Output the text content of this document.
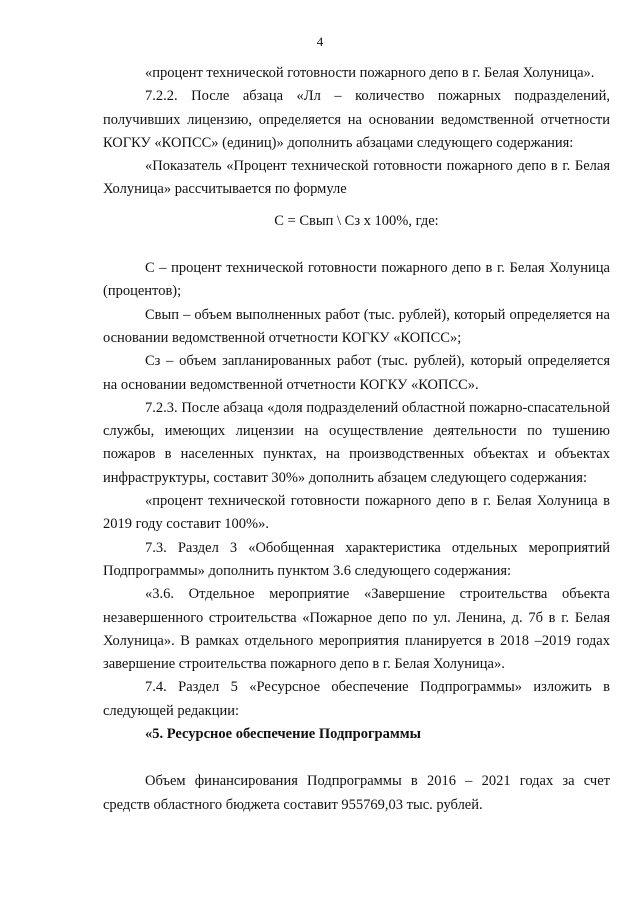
4

«процент технической готовности пожарного депо в г. Белая Холуница».

7.2.2. После абзаца «Лл – количество пожарных подразделений, получивших лицензию, определяется на основании ведомственной отчетности КОГКУ «КОПСС» (единиц)» дополнить абзацами следующего содержания:

«Показатель «Процент технической готовности пожарного депо в г. Белая Холуница» рассчитывается по формуле

С = Свып \ Сз х 100%, где:

С – процент технической готовности пожарного депо в г. Белая Холуница (процентов);

Свып – объем выполненных работ (тыс. рублей), который определяется на основании ведомственной отчетности КОГКУ «КОПСС»;

Сз – объем запланированных работ (тыс. рублей), который определяется на основании ведомственной отчетности КОГКУ «КОПСС».

7.2.3. После абзаца «доля подразделений областной пожарно-спасательной службы, имеющих лицензии на осуществление деятельности по тушению пожаров в населенных пунктах, на производственных объектах и объектах инфраструктуры, составит 30%» дополнить абзацем следующего содержания:

«процент технической готовности пожарного депо в г. Белая Холуница в 2019 году составит 100%».

7.3. Раздел 3 «Обобщенная характеристика отдельных мероприятий Подпрограммы» дополнить пунктом 3.6 следующего содержания:

«3.6. Отдельное мероприятие «Завершение строительства объекта незавершенного строительства «Пожарное депо по ул. Ленина, д. 7б в г. Белая Холуница». В рамках отдельного мероприятия планируется в 2018 –2019 годах завершение строительства пожарного депо в г. Белая Холуница».

7.4. Раздел 5 «Ресурсное обеспечение Подпрограммы» изложить в следующей редакции:

«5. Ресурсное обеспечение Подпрограммы

Объем финансирования Подпрограммы в 2016 – 2021 годах за счет средств областного бюджета составит 955769,03 тыс. рублей.
